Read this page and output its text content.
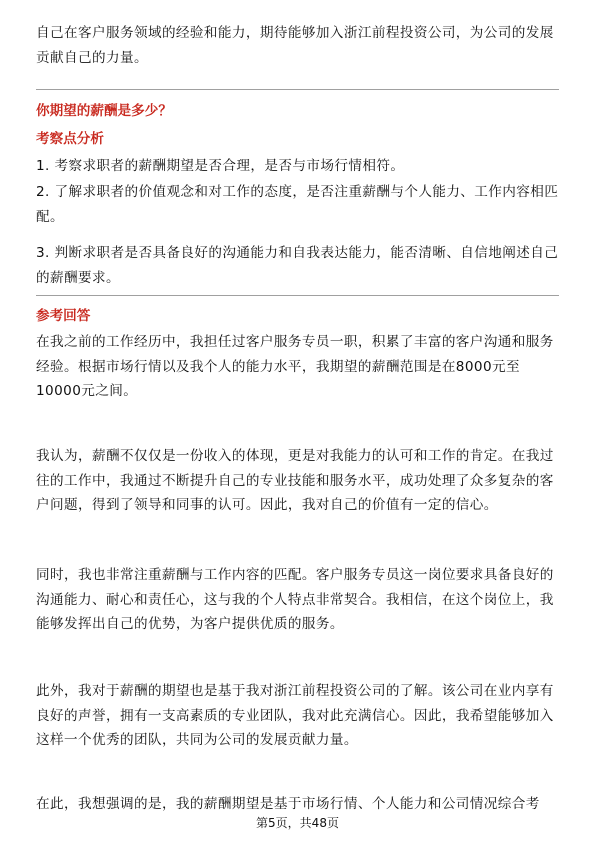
自己在客户服务领域的经验和能力，期待能够加入浙江前程投资公司，为公司的发展贡献自己的力量。

你期望的薪酬是多少？
考察点分析

1. 考察求职者的薪酬期望是否合理，是否与市场行情相符。

2. 了解求职者的价值观念和对工作的态度，是否注重薪酬与个人能力、工作内容相匹配。

3. 判断求职者是否具备良好的沟通能力和自我表达能力，能否清晰、自信地阐述自己的薪酬要求。

参考回答

在我之前的工作经历中，我担任过客户服务专员一职，积累了丰富的客户沟通和服务经验。根据市场行情以及我个人的能力水平，我期望的薪酬范围是在8000元至10000元之间。

我认为，薪酬不仅仅是一份收入的体现，更是对我能力的认可和工作的肯定。在我过往的工作中，我通过不断提升自己的专业技能和服务水平，成功处理了众多复杂的客户问题，得到了领导和同事的认可。因此，我对自己的价值有一定的信心。

同时，我也非常注重薪酬与工作内容的匹配。客户服务专员这一岗位要求具备良好的沟通能力、耐心和责任心，这与我的个人特点非常契合。我相信，在这个岗位上，我能够发挥出自己的优势，为客户提供优质的服务。

此外，我对于薪酬的期望也是基于我对浙江前程投资公司的了解。该公司在业内享有良好的声誉，拥有一支高素质的专业团队，我对此充满信心。因此，我希望能够加入这样一个优秀的团队，共同为公司的发展贡献力量。

在此，我想强调的是，我的薪酬期望是基于市场行情、个人能力和公司情况综合考

第5页，共48页
